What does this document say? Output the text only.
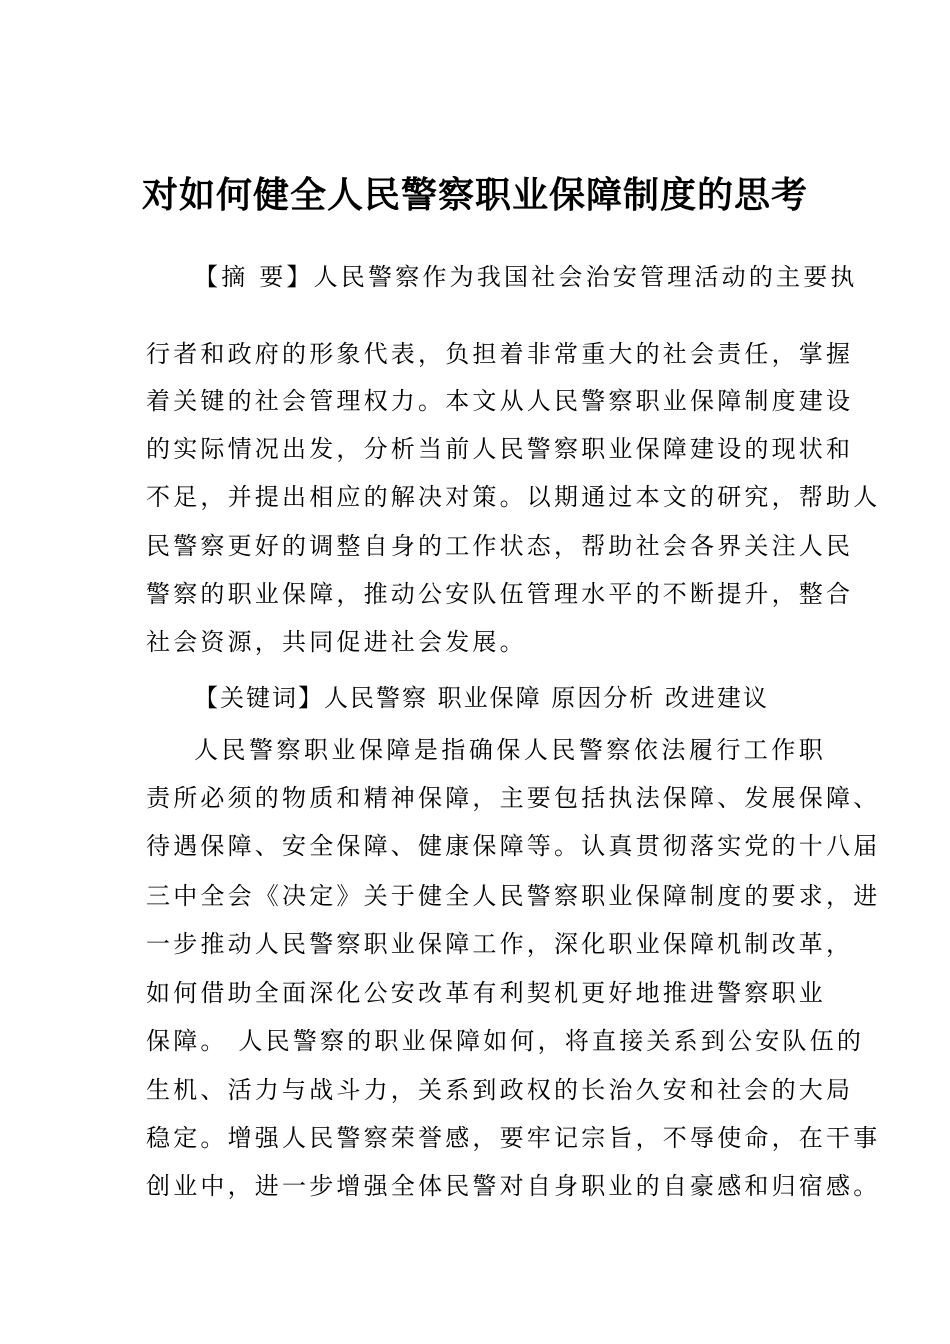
对如何健全人民警察职业保障制度的思考
【摘 要】人民警察作为我国社会治安管理活动的主要执
行者和政府的形象代表，负担着非常重大的社会责任，掌握
着关键的社会管理权力。本文从人民警察职业保障制度建设
的实际情况出发，分析当前人民警察职业保障建设的现状和
不足，并提出相应的解决对策。以期通过本文的研究，帮助人
民警察更好的调整自身的工作状态，帮助社会各界关注人民
警察的职业保障，推动公安队伍管理水平的不断提升，整合
社会资源，共同促进社会发展。
【关键词】人民警察 职业保障 原因分析 改进建议
人民警察职业保障是指确保人民警察依法履行工作职
责所必须的物质和精神保障，主要包括执法保障、发展保障、
待遇保障、安全保障、健康保障等。认真贯彻落实党的十八届
三中全会《决定》关于健全人民警察职业保障制度的要求，进
一步推动人民警察职业保障工作，深化职业保障机制改革，
如何借助全面深化公安改革有利契机更好地推进警察职业
保障。 人民警察的职业保障如何，将直接关系到公安队伍的
生机、活力与战斗力，关系到政权的长治久安和社会的大局
稳定。增强人民警察荣誉感，要牢记宗旨，不辱使命，在干事
创业中，进一步增强全体民警对自身职业的自豪感和归宿感。
